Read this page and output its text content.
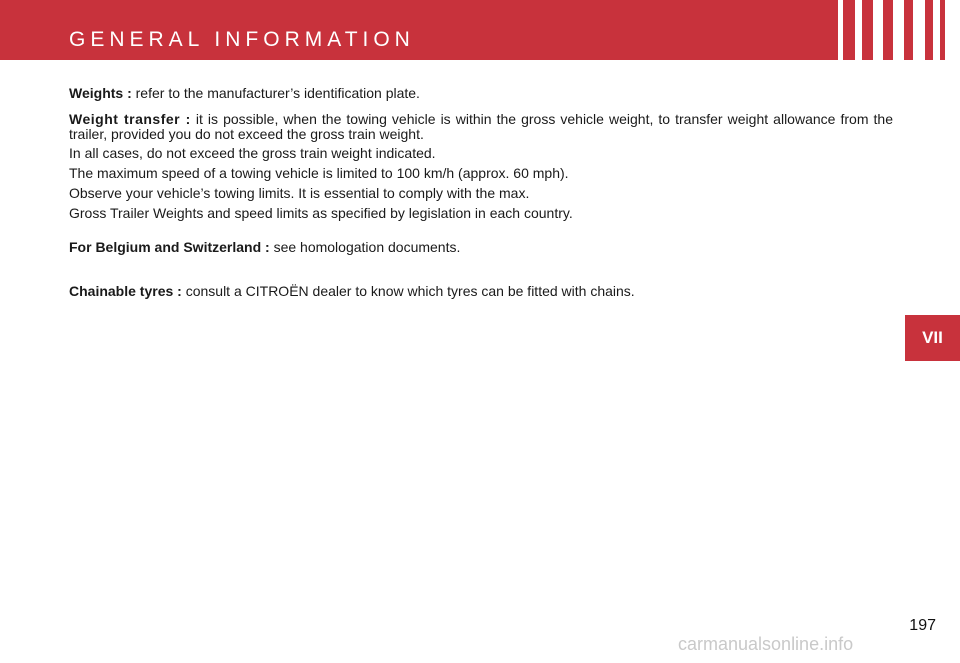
GENERAL INFORMATION

Weights : refer to the manufacturer’s identification plate.

Weight transfer : it is possible, when the towing vehicle is within the gross vehicle weight, to transfer weight allowance from the trailer, provided you do not exceed the gross train weight.

In all cases, do not exceed the gross train weight indicated.

The maximum speed of a towing vehicle is limited to 100 km/h (approx. 60 mph).

Observe your vehicle’s towing limits. It is essential to comply with the max.

Gross Trailer Weights and speed limits as specified by legislation in each country.

For Belgium and Switzerland : see homologation documents.

Chainable tyres : consult a CITROËN dealer to know which tyres can be fitted with chains.

VII
197
carmanualsonline.info
